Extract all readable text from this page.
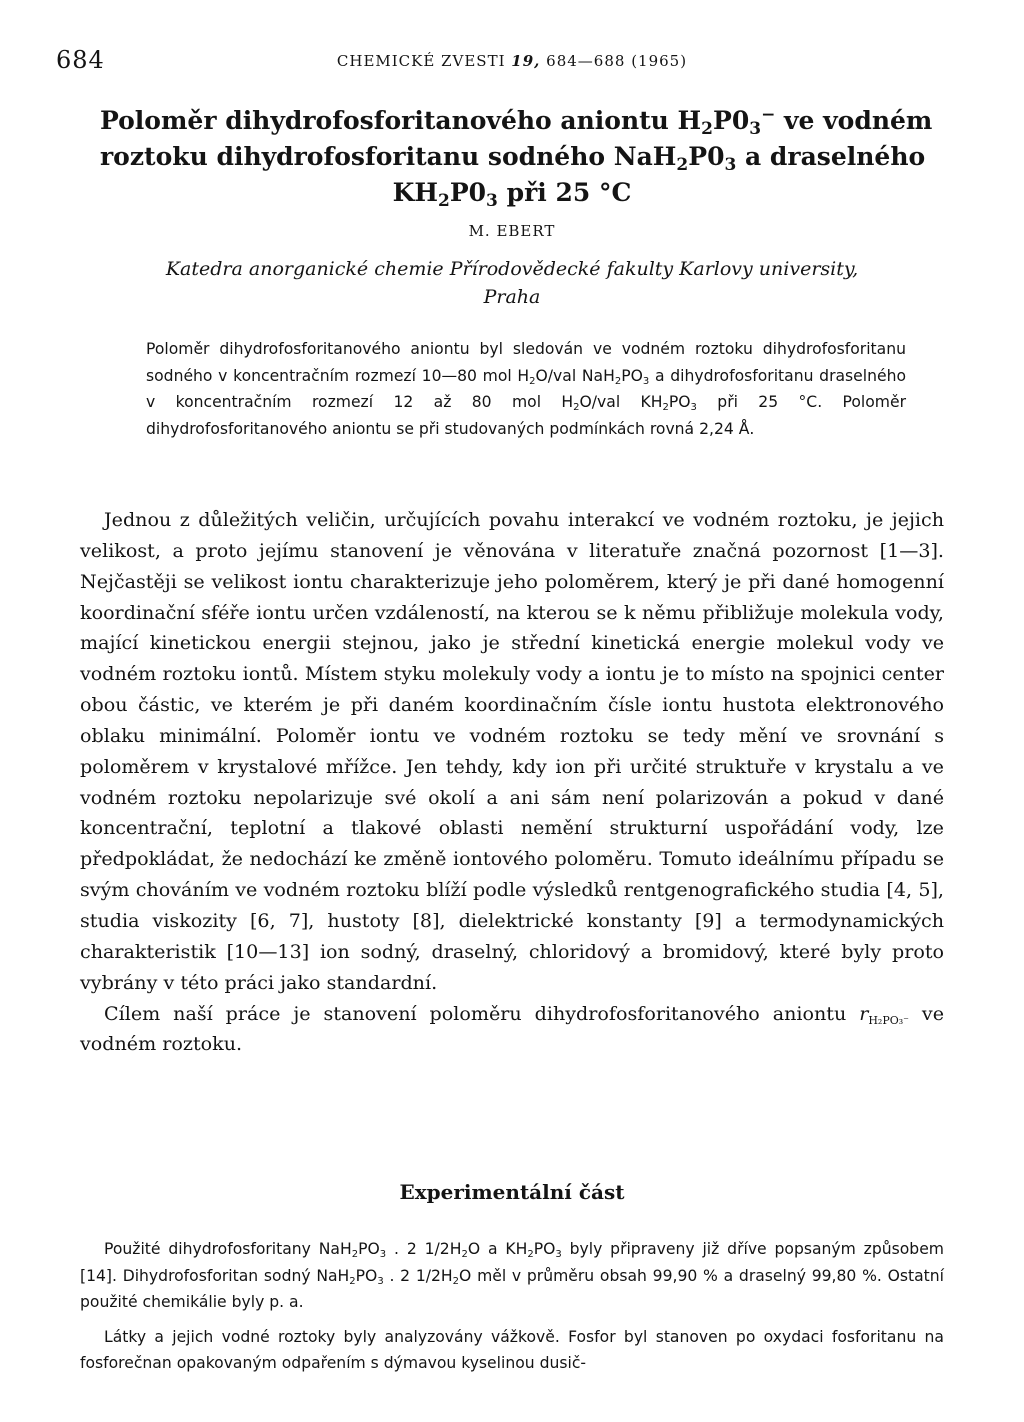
684	CHEMICKÉ ZVESTI 19, 684—688 (1965)
Poloměr dihydrofosforitanového aniontu $H_2P0_3^-$ ve vodném
roztoku dihydrofosforitanu sodného $NaH_2P0_3$ a draselného
$KH_2P0_3$ při 25 °C
M. EBERT
Katedra anorganické chemie Přírodovědecké fakulty Karlovy university,
Praha

Poloměr dihydrofosforitanového aniontu byl sledován ve vodném roztoku dihydrofosforitanu sodného v koncentračním rozmezí 10—80 mol $H_2O$/val $NaH_2PO_3$ a dihydrofosforitanu draselného v koncentračním rozmezí 12 až 80 mol $H_2O$/val $KH_2PO_3$ při 25 °C. Poloměr dihydrofosforitanového aniontu se při studovaných podmínkách rovná 2,24 Å.

Jednou z důležitých veličin, určujících povahu interakcí ve vodném roztoku, je jejich velikost, a proto jejímu stanovení je věnována v literatuře značná pozornost [1—3]. Nejčastěji se velikost iontu charakterizuje jeho poloměrem, který je při dané homogenní koordinační sféře iontu určen vzdáleností, na kterou se k němu přibližuje molekula vody, mající kinetickou energii stejnou, jako je střední kinetická energie molekul vody ve vodném roztoku iontů. Místem styku molekuly vody a iontu je to místo na spojnici center obou částic, ve kterém je při daném koordinačním čísle iontu hustota elektronového oblaku minimální. Poloměr iontu ve vodném roztoku se tedy mění ve srovnání s poloměrem v krystalové mřížce. Jen tehdy, kdy ion při určité struktuře v krystalu a ve vodném roztoku nepolarizuje své okolí a ani sám není polarizován a pokud v dané koncentrační, teplotní a tlakové oblasti nemění strukturní uspořádání vody, lze předpokládat, že nedochází ke změně iontového poloměru. Tomuto ideálnímu případu se svým chováním ve vodném roztoku blíží podle výsledků rentgenografického studia [4, 5], studia viskozity [6, 7], hustoty [8], dielektrické konstanty [9] a termodynamických charakteristik [10—13] ion sodný, draselný, chloridový a bromidový, které byly proto vybrány v této práci jako standardní.

Cílem naší práce je stanovení poloměru dihydrofosforitanového aniontu $r_{H_2PO_3^-}$ ve vodném roztoku.

Experimentální část

Použité dihydrofosforitany $NaH_2PO_3$ . 2 $1/2H_2O$ a $KH_2PO_3$ byly připraveny již dříve popsaným způsobem [14]. Dihydrofosforitan sodný $NaH_2PO_3$ . 2 $1/2H_2O$ měl v průměru obsah 99,90 % a draselný 99,80 %. Ostatní použité chemikálie byly p. a.

Látky a jejich vodné roztoky byly analyzovány vážkově. Fosfor byl stanoven po oxydaci fosforitanu na fosforečnan opakovaným odpařením s dýmavou kyselinou dusič-
